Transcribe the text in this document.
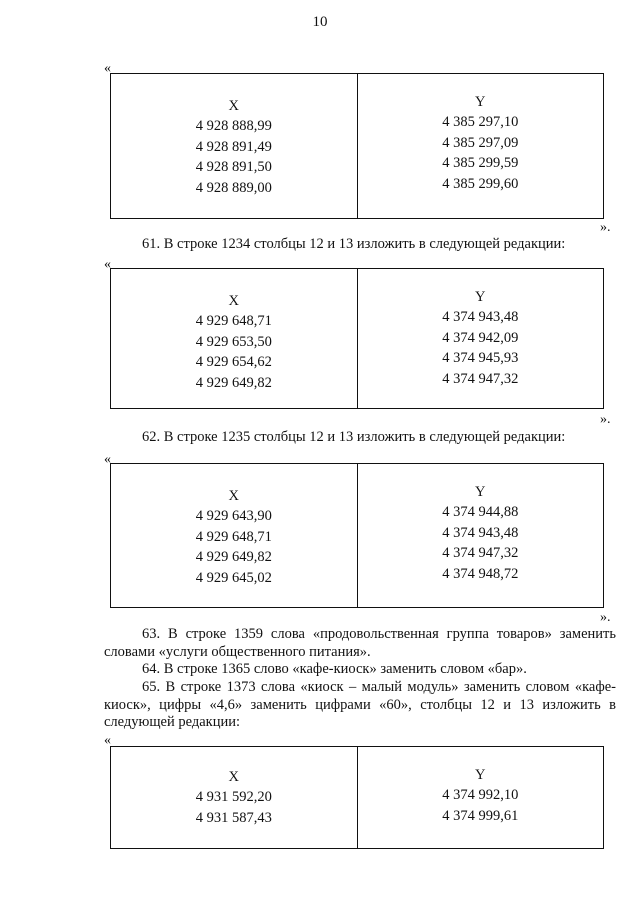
10
«
X
4 928 888,99
4 928 891,49
4 928 891,50
4 928 889,00
Y
4 385 297,10
4 385 297,09
4 385 299,59
4 385 299,60
».
61. В строке 1234 столбцы 12 и 13 изложить в следующей редакции:
«
X
4 929 648,71
4 929 653,50
4 929 654,62
4 929 649,82
Y
4 374 943,48
4 374 942,09
4 374 945,93
4 374 947,32
».
62. В строке 1235 столбцы 12 и 13 изложить в следующей редакции:
«
X
4 929 643,90
4 929 648,71
4 929 649,82
4 929 645,02
Y
4 374 944,88
4 374 943,48
4 374 947,32
4 374 948,72
».
63. В строке 1359 слова «продовольственная группа товаров» заменить словами «услуги общественного питания».
64. В строке 1365 слово «кафе-киоск» заменить словом «бар».
65. В строке 1373 слова «киоск – малый модуль» заменить словом «кафе-киоск», цифры «4,6» заменить цифрами «60», столбцы 12 и 13 изложить в следующей редакции:
«
X
4 931 592,20
4 931 587,43
Y
4 374 992,10
4 374 999,61
